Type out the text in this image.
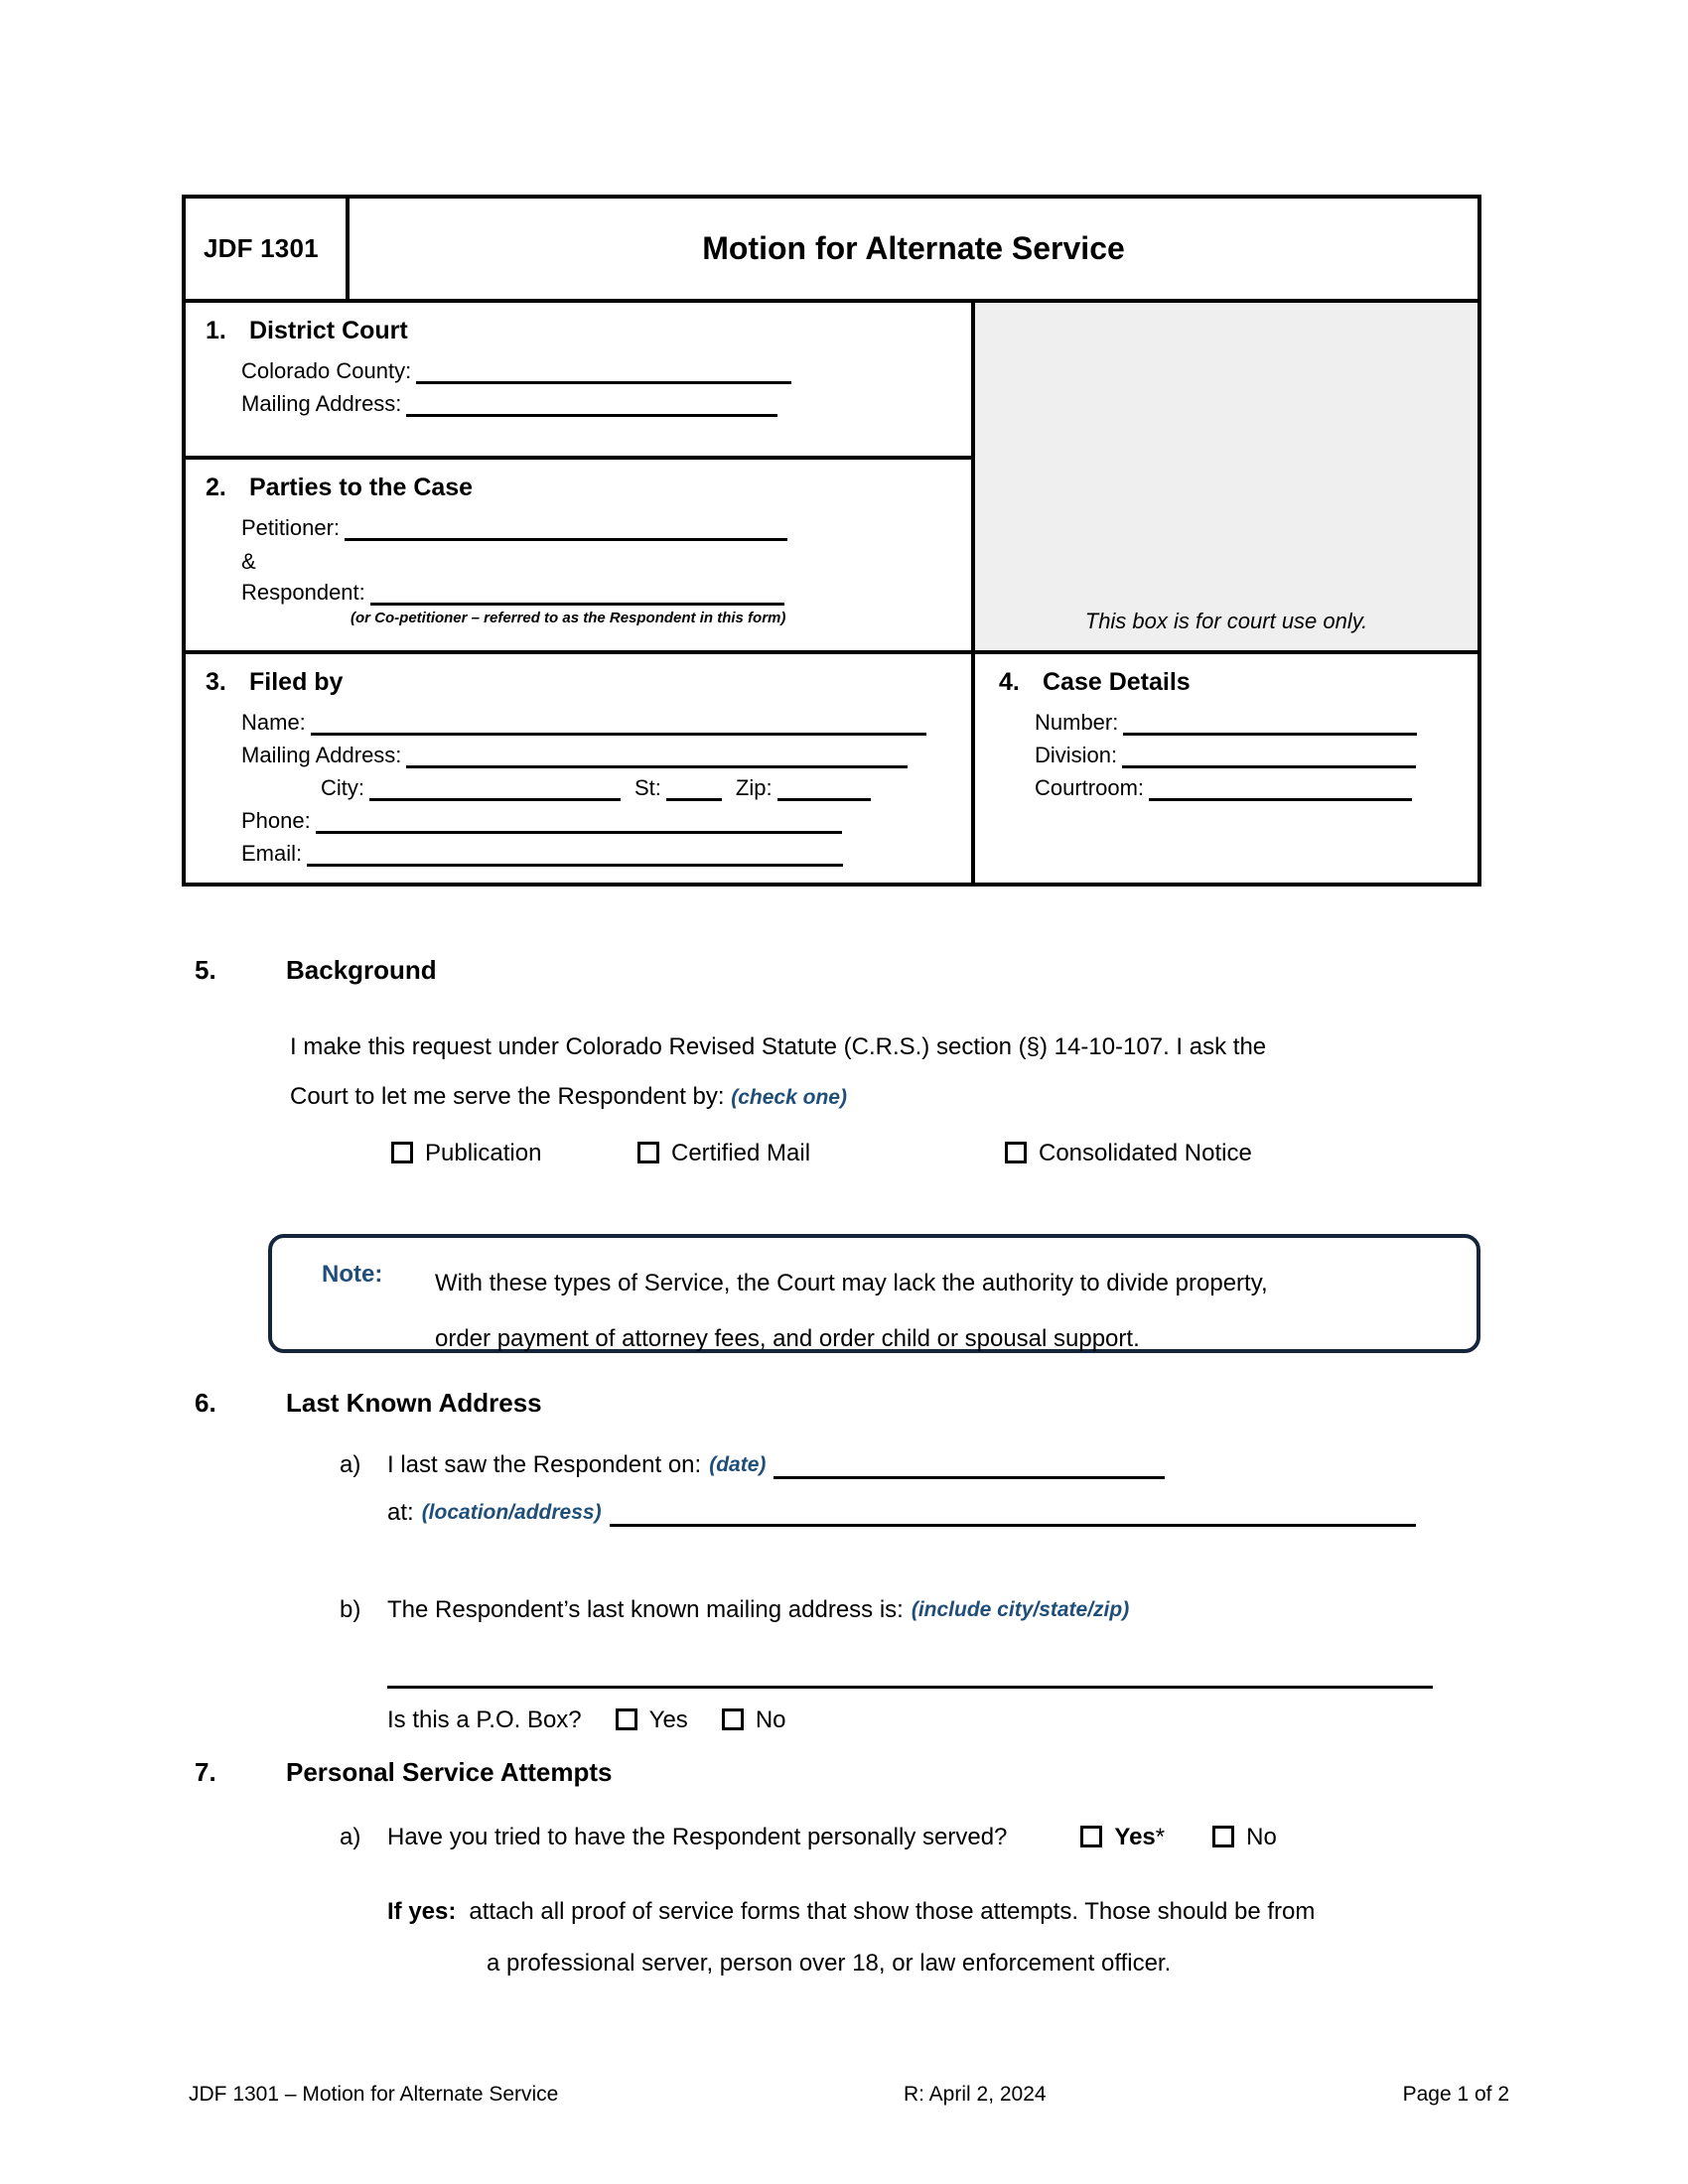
JDF 1301	Motion for Alternate Service
1. District Court
Colorado County:
Mailing Address:
2. Parties to the Case
Petitioner:
&
Respondent:
(or Co-petitioner – referred to as the Respondent in this form)
3. Filed by
Name:
Mailing Address:
City:	St:	Zip:
Phone:
Email:
This box is for court use only.
4. Case Details
Number:
Division:
Courtroom:
5.	Background
I make this request under Colorado Revised Statute (C.R.S.) section (§) 14-10-107. I ask the
Court to let me serve the Respondent by: (check one)
Publication	Certified Mail	Consolidated Notice
Note: With these types of Service, the Court may lack the authority to divide property,
order payment of attorney fees, and order child or spousal support.
6.	Last Known Address
a)	I last saw the Respondent on: (date)
at: (location/address)
b)	The Respondent’s last known mailing address is: (include city/state/zip)
Is this a P.O. Box?	Yes	No
7.	Personal Service Attempts
a)	Have you tried to have the Respondent personally served?	Yes*	No
If yes: attach all proof of service forms that show those attempts. Those should be from
a professional server, person over 18, or law enforcement officer.
JDF 1301 – Motion for Alternate Service	R: April 2, 2024	Page 1 of 2
